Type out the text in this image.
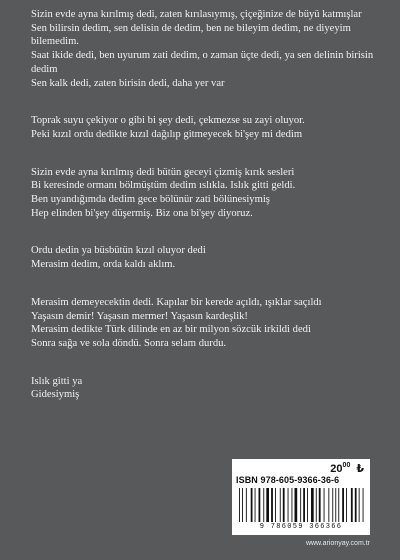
Sizin evde ayna kırılmış dedi, zaten kırılasıymış, çiçeğinize de büyü katmışlar
Sen bilirsin dedim, sen delisin de dedim, ben ne bileyim dedim, ne diyeyim bilemedim.
Saat ikide dedi, ben uyurum zati dedim, o zaman üçte dedi, ya sen delinin birisin dedim
Sen kalk dedi, zaten birisin dedi, daha yer var
Toprak suyu çekiyor o gibi bi şey dedi, çekmezse su zayi oluyor.
Peki kızıl ordu dedikte kızıl dağılıp gitmeyecek bi'şey mi dedim
Sizin evde ayna kırılmış dedi bütün geceyi çizmiş kırık sesleri
Bi keresinde ormanı bölmüştüm dedim ıslıkla. Islık gitti geldi.
Ben uyandığımda dedim gece bölünür zati bölünesiymiş
Hep elinden bi'şey düşermiş. Biz ona bi'şey diyoruz.
Ordu dedin ya büsbütün kızıl oluyor dedi
Merasim dedim, orda kaldı aklım.
Merasim demeyecektin dedi. Kapılar bir kerede açıldı, ışıklar saçıldı
Yaşasın demir! Yaşasın mermer! Yaşasın kardeşlik!
Merasim dedikte Türk dilinde en az bir milyon sözcük irkildi dedi
Sonra sağa ve sola döndü. Sonra selam durdu.
Islık gitti ya
Gidesiymiş
$20^{00}$ ₺
ISBN 978-605-9366-36-6
9 786059 366366
www.arionyay.com.tr
